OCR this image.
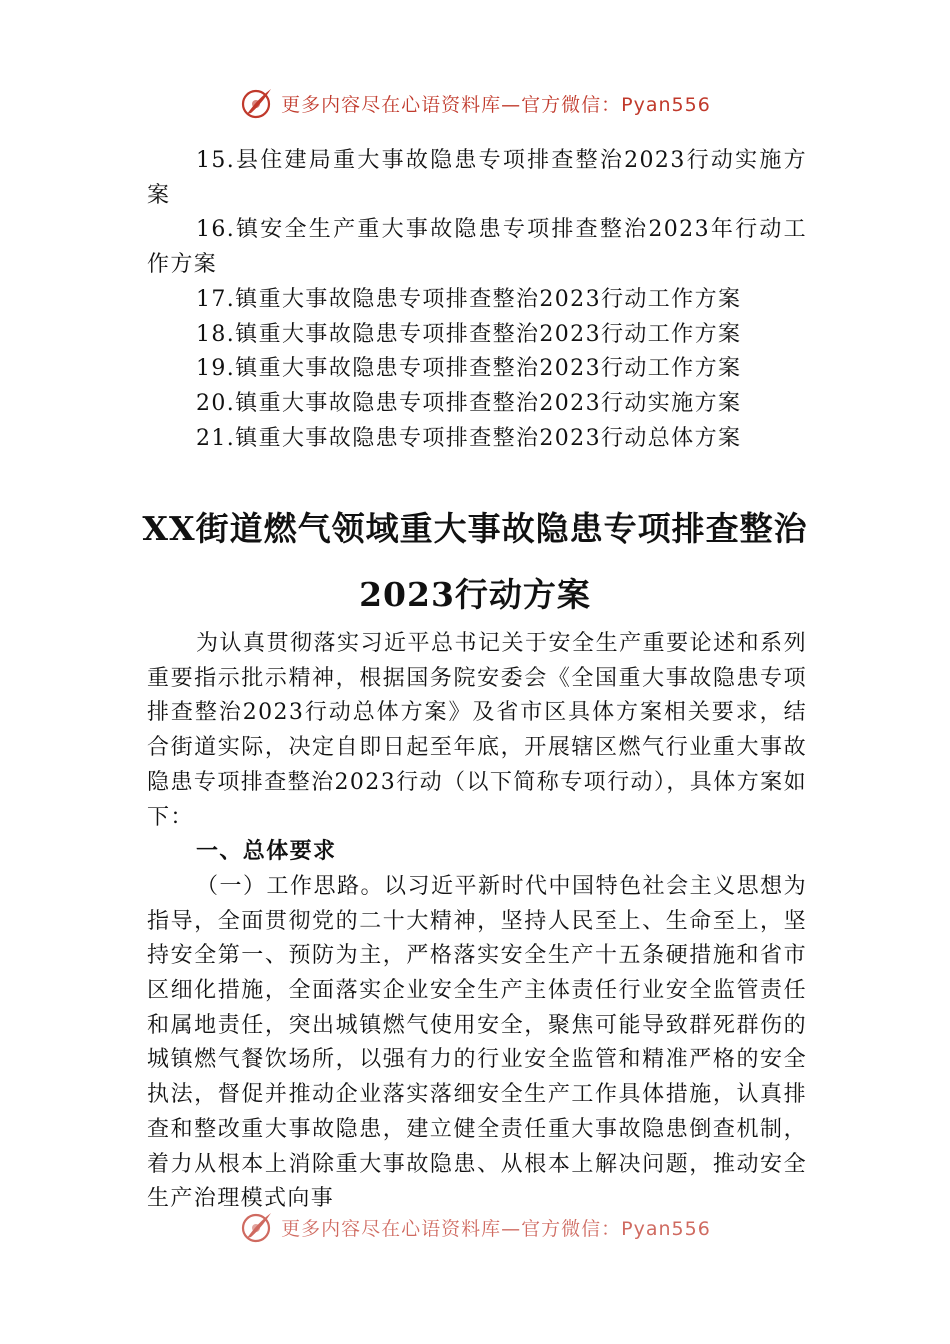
更多内容尽在心语资料库—官方微信：Pyan556

15.县住建局重大事故隐患专项排查整治2023行动实施方案

16.镇安全生产重大事故隐患专项排查整治2023年行动工作方案

17.镇重大事故隐患专项排查整治2023行动工作方案

18.镇重大事故隐患专项排查整治2023行动工作方案

19.镇重大事故隐患专项排查整治2023行动工作方案

20.镇重大事故隐患专项排查整治2023行动实施方案

21.镇重大事故隐患专项排查整治2023行动总体方案

XX街道燃气领域重大事故隐患专项排查整治2023行动方案

为认真贯彻落实习近平总书记关于安全生产重要论述和系列重要指示批示精神，根据国务院安委会《全国重大事故隐患专项排查整治2023行动总体方案》及省市区具体方案相关要求，结合街道实际，决定自即日起至年底，开展辖区燃气行业重大事故隐患专项排查整治2023行动（以下简称专项行动），具体方案如下：

一、总体要求

（一）工作思路。以习近平新时代中国特色社会主义思想为指导，全面贯彻党的二十大精神，坚持人民至上、生命至上，坚持安全第一、预防为主，严格落实安全生产十五条硬措施和省市区细化措施，全面落实企业安全生产主体责任行业安全监管责任和属地责任，突出城镇燃气使用安全，聚焦可能导致群死群伤的城镇燃气餐饮场所，以强有力的行业安全监管和精准严格的安全执法，督促并推动企业落实落细安全生产工作具体措施，认真排查和整改重大事故隐患，建立健全责任重大事故隐患倒查机制，着力从根本上消除重大事故隐患、从根本上解决问题，推动安全生产治理模式向事

更多内容尽在心语资料库—官方微信：Pyan556
